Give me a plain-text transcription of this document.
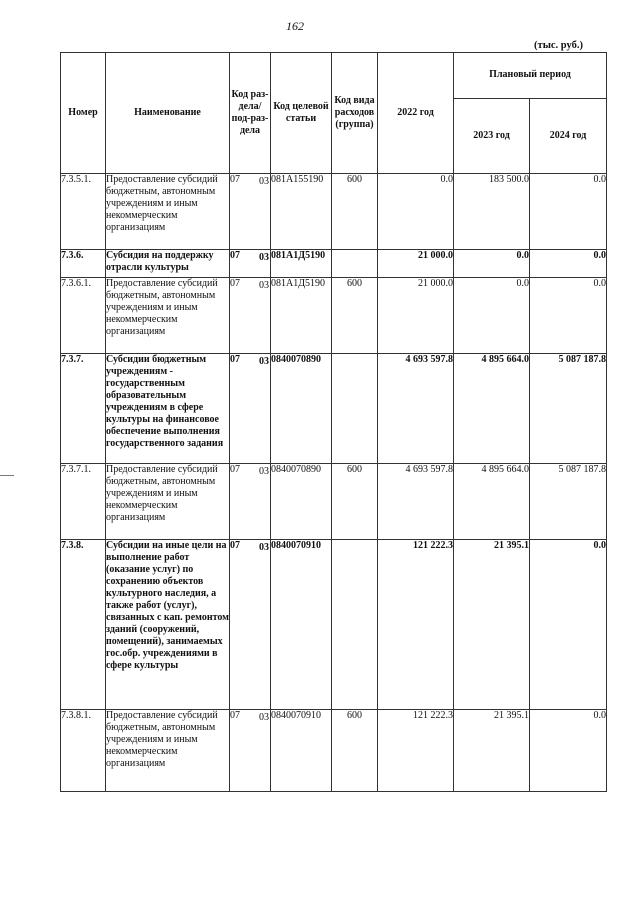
162
(тыс. руб.)
Номер	Наименование	Код раз-дела/ под-раз-дела	Код целевой статьи	Код вида расходов (группа)	2022 год	Плановый период	
						2023 год	2024 год
7.3.5.1.	Предоставление субсидий бюджетным, автономным учреждениям и иным некоммерческим организациям	07 03	081А155190	600	0.0	183 500.0	0.0
7.3.6.	Субсидия на поддержку отрасли культуры	07 03	081А1Д5190		21 000.0	0.0	0.0
7.3.6.1.	Предоставление субсидий бюджетным, автономным учреждениям и иным некоммерческим организациям	07 03	081А1Д5190	600	21 000.0	0.0	0.0
7.3.7.	Субсидии бюджетным учреждениям - государственным образовательным учреждениям в сфере культуры на финансовое обеспечение выполнения государственного задания	07 03	0840070890		4 693 597.8	4 895 664.0	5 087 187.8
7.3.7.1.	Предоставление субсидий бюджетным, автономным учреждениям и иным некоммерческим организациям	07 03	0840070890	600	4 693 597.8	4 895 664.0	5 087 187.8
7.3.8.	Субсидии на иные цели на выполнение работ (оказание услуг) по сохранению объектов культурного наследия, а также работ (услуг), связанных с кап. ремонтом зданий (сооружений, помещений), занимаемых гос.обр. учреждениями в сфере культуры	07 03	0840070910		121 222.3	21 395.1	0.0
7.3.8.1.	Предоставление субсидий бюджетным, автономным учреждениям и иным некоммерческим организациям	07 03	0840070910	600	121 222.3	21 395.1	0.0
